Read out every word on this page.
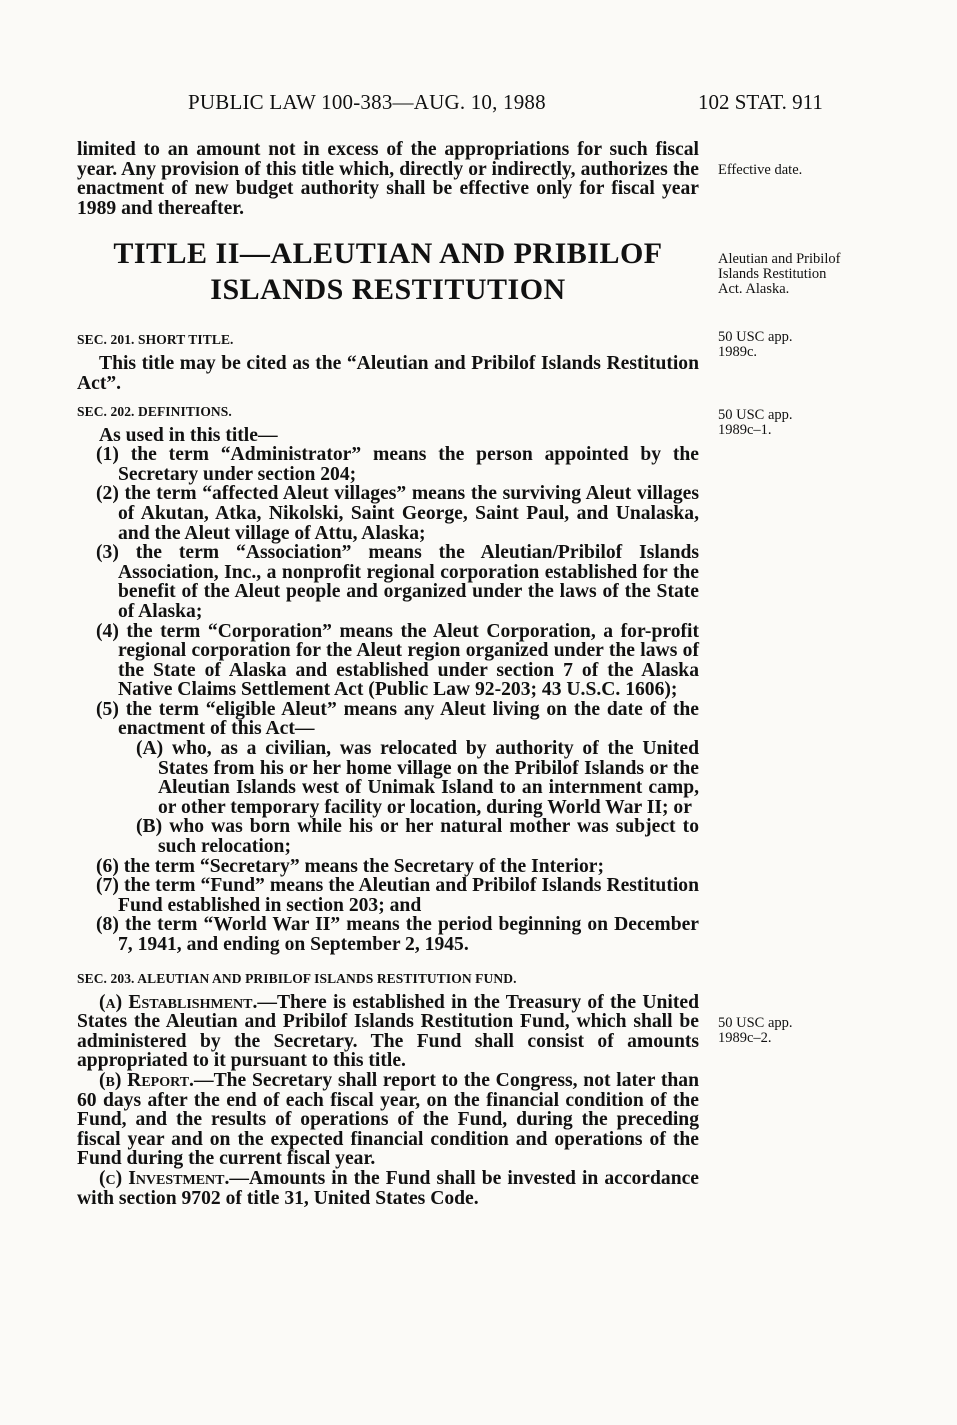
PUBLIC LAW 100-383—AUG. 10, 1988	102 STAT. 911

limited to an amount not in excess of the appropriations for such fiscal year. Any provision of this title which, directly or indirectly, authorizes the enactment of new budget authority shall be effective only for fiscal year 1989 and thereafter.

TITLE II—ALEUTIAN AND PRIBILOF
ISLANDS RESTITUTION
SEC. 201. SHORT TITLE.

This title may be cited as the “Aleutian and Pribilof Islands Restitution Act”.

SEC. 202. DEFINITIONS.

As used in this title—

(1) the term “Administrator” means the person appointed by the Secretary under section 204;

(2) the term “affected Aleut villages” means the surviving Aleut villages of Akutan, Atka, Nikolski, Saint George, Saint Paul, and Unalaska, and the Aleut village of Attu, Alaska;

(3) the term “Association” means the Aleutian/Pribilof Islands Association, Inc., a nonprofit regional corporation established for the benefit of the Aleut people and organized under the laws of the State of Alaska;

(4) the term “Corporation” means the Aleut Corporation, a for-profit regional corporation for the Aleut region organized under the laws of the State of Alaska and established under section 7 of the Alaska Native Claims Settlement Act (Public Law 92-203; 43 U.S.C. 1606);

(5) the term “eligible Aleut” means any Aleut living on the date of the enactment of this Act—

(A) who, as a civilian, was relocated by authority of the United States from his or her home village on the Pribilof Islands or the Aleutian Islands west of Unimak Island to an internment camp, or other temporary facility or location, during World War II; or

(B) who was born while his or her natural mother was subject to such relocation;

(6) the term “Secretary” means the Secretary of the Interior;

(7) the term “Fund” means the Aleutian and Pribilof Islands Restitution Fund established in section 203; and

(8) the term “World War II” means the period beginning on December 7, 1941, and ending on September 2, 1945.

SEC. 203. ALEUTIAN AND PRIBILOF ISLANDS RESTITUTION FUND.

(a) Establishment.—There is established in the Treasury of the United States the Aleutian and Pribilof Islands Restitution Fund, which shall be administered by the Secretary. The Fund shall consist of amounts appropriated to it pursuant to this title.

(b) Report.—The Secretary shall report to the Congress, not later than 60 days after the end of each fiscal year, on the financial condition of the Fund, and the results of operations of the Fund, during the preceding fiscal year and on the expected financial condition and operations of the Fund during the current fiscal year.

(c) Investment.—Amounts in the Fund shall be invested in accordance with section 9702 of title 31, United States Code.

Effective date.
Aleutian and Pribilof Islands Restitution Act. Alaska.
50 USC app. 1989c.
50 USC app. 1989c–1.
50 USC app. 1989c–2.
